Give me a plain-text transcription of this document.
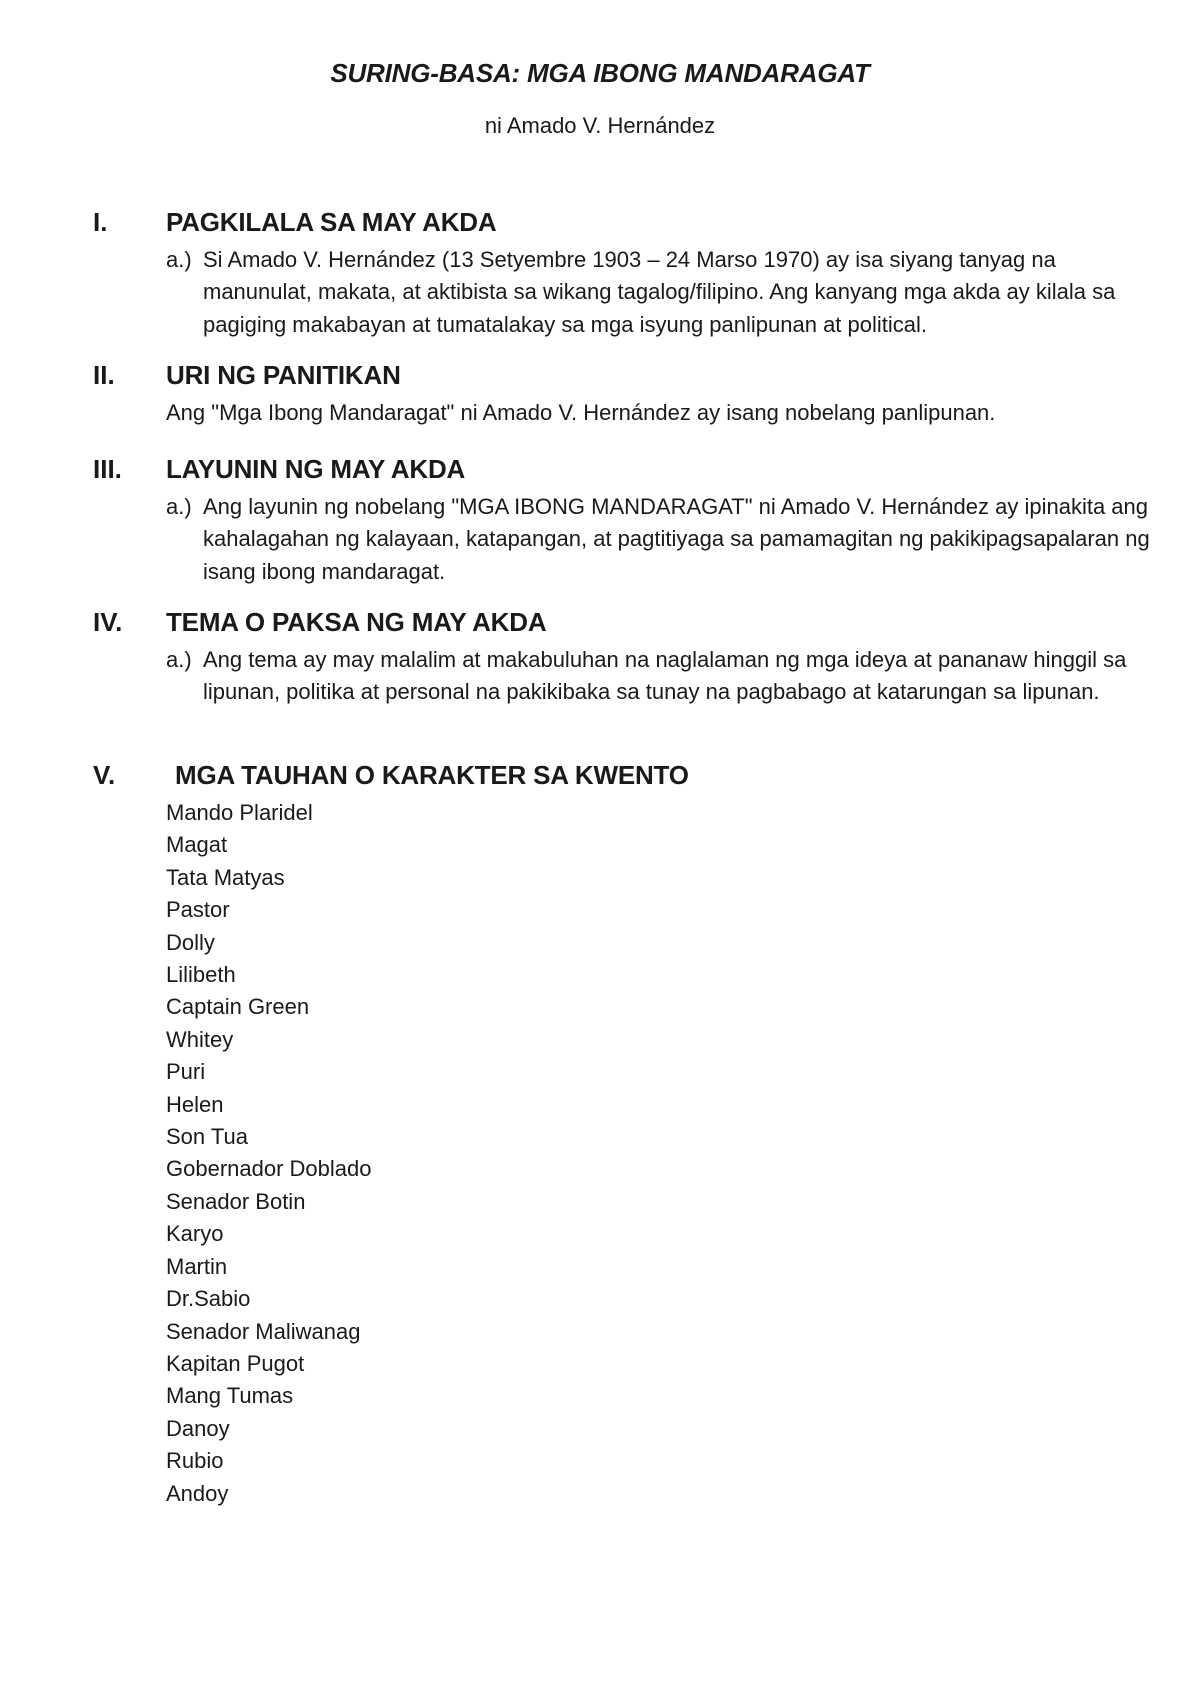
SURING-BASA: MGA IBONG MANDARAGAT
ni Amado V. Hernández
I. PAGKILALA SA MAY AKDA
a.) Si Amado V. Hernández (13 Setyembre 1903 – 24 Marso 1970) ay isa siyang tanyag na manunulat, makata, at aktibista sa wikang tagalog/filipino. Ang kanyang mga akda ay kilala sa pagiging makabayan at tumatalakay sa mga isyung panlipunan at political.
II. URI NG PANITIKAN
Ang "Mga Ibong Mandaragat" ni Amado V. Hernández ay isang nobelang panlipunan.
III. LAYUNIN NG MAY AKDA
a.) Ang layunin ng nobelang "MGA IBONG MANDARAGAT" ni Amado V. Hernández ay ipinakita ang kahalagahan ng kalayaan, katapangan, at pagtitiyaga sa pamamagitan ng pakikipagsapalaran ng isang ibong mandaragat.
IV. TEMA O PAKSA NG MAY AKDA
a.) Ang tema ay may malalim at makabuluhan na naglalaman ng mga ideya at pananaw hinggil sa lipunan, politika at personal na pakikibaka sa tunay na pagbabago at katarungan sa lipunan.
V. MGA TAUHAN O KARAKTER SA KWENTO
Mando Plaridel
Magat
Tata Matyas
Pastor
Dolly
Lilibeth
Captain Green
Whitey
Puri
Helen
Son Tua
Gobernador Doblado
Senador Botin
Karyo
Martin
Dr.Sabio
Senador Maliwanag
Kapitan Pugot
Mang Tumas
Danoy
Rubio
Andoy
